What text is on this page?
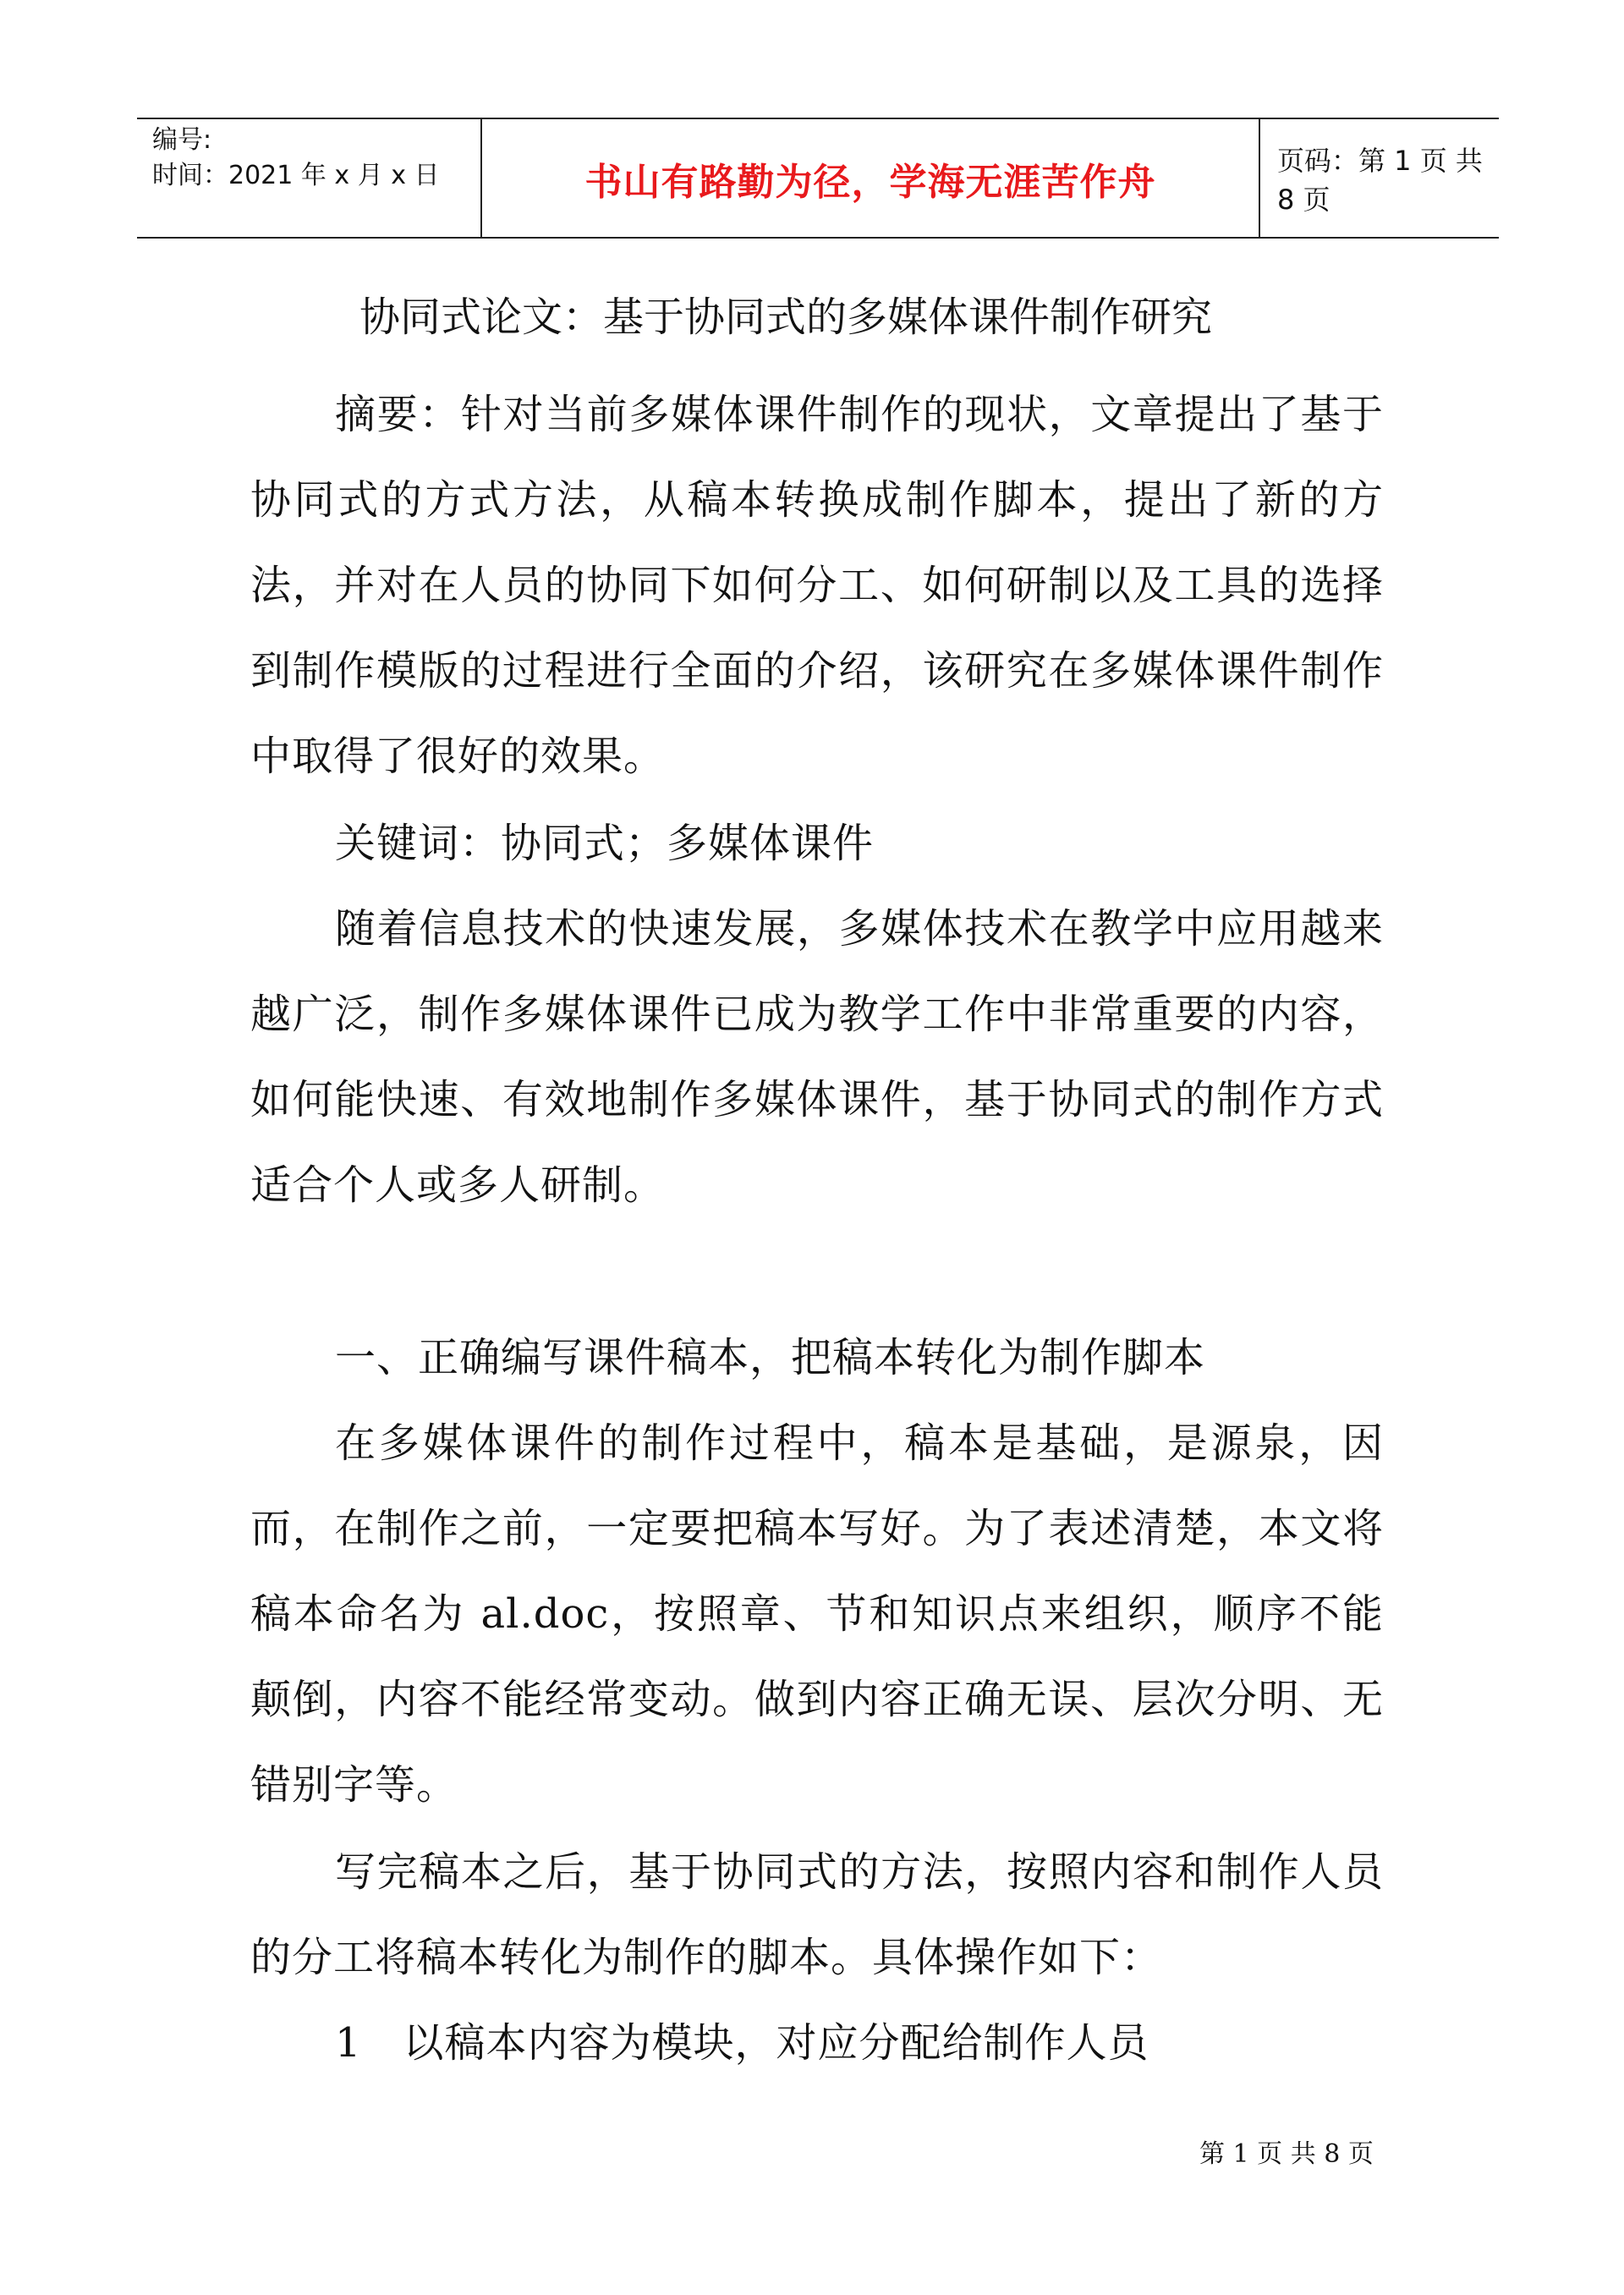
编号:
时间：2021 年 x 月 x 日	书山有路勤为径，学海无涯苦作舟	页码：第 1 页 共 8 页
协同式论文：基于协同式的多媒体课件制作研究

摘要：针对当前多媒体课件制作的现状，文章提出了基于协同式的方式方法，从稿本转换成制作脚本，提出了新的方法，并对在人员的协同下如何分工、如何研制以及工具的选择到制作模版的过程进行全面的介绍，该研究在多媒体课件制作中取得了很好的效果。

关键词：协同式；多媒体课件

随着信息技术的快速发展，多媒体技术在教学中应用越来越广泛，制作多媒体课件已成为教学工作中非常重要的内容，如何能快速、有效地制作多媒体课件，基于协同式的制作方式适合个人或多人研制。

一、正确编写课件稿本，把稿本转化为制作脚本

在多媒体课件的制作过程中，稿本是基础，是源泉，因而，在制作之前，一定要把稿本写好。为了表述清楚，本文将稿本命名为 al.doc，按照章、节和知识点来组织，顺序不能颠倒，内容不能经常变动。做到内容正确无误、层次分明、无错别字等。

写完稿本之后，基于协同式的方法，按照内容和制作人员的分工将稿本转化为制作的脚本。具体操作如下：

1　以稿本内容为模块，对应分配给制作人员

第 1 页 共 8 页
